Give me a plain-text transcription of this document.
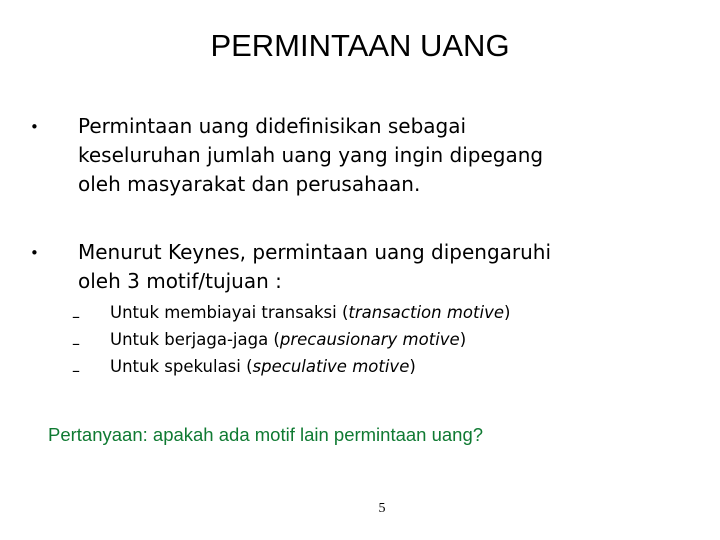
PERMINTAAN UANG
• Permintaan uang didefinisikan sebagai
keseluruhan jumlah uang yang ingin dipegang
oleh masyarakat dan perusahaan.
• Menurut Keynes, permintaan uang dipengaruhi
oleh 3 motif/tujuan :
– Untuk membiayai transaksi (transaction motive)
– Untuk berjaga-jaga (precausionary motive)
– Untuk spekulasi (speculative motive)
Pertanyaan: apakah ada motif lain permintaan uang?
5
